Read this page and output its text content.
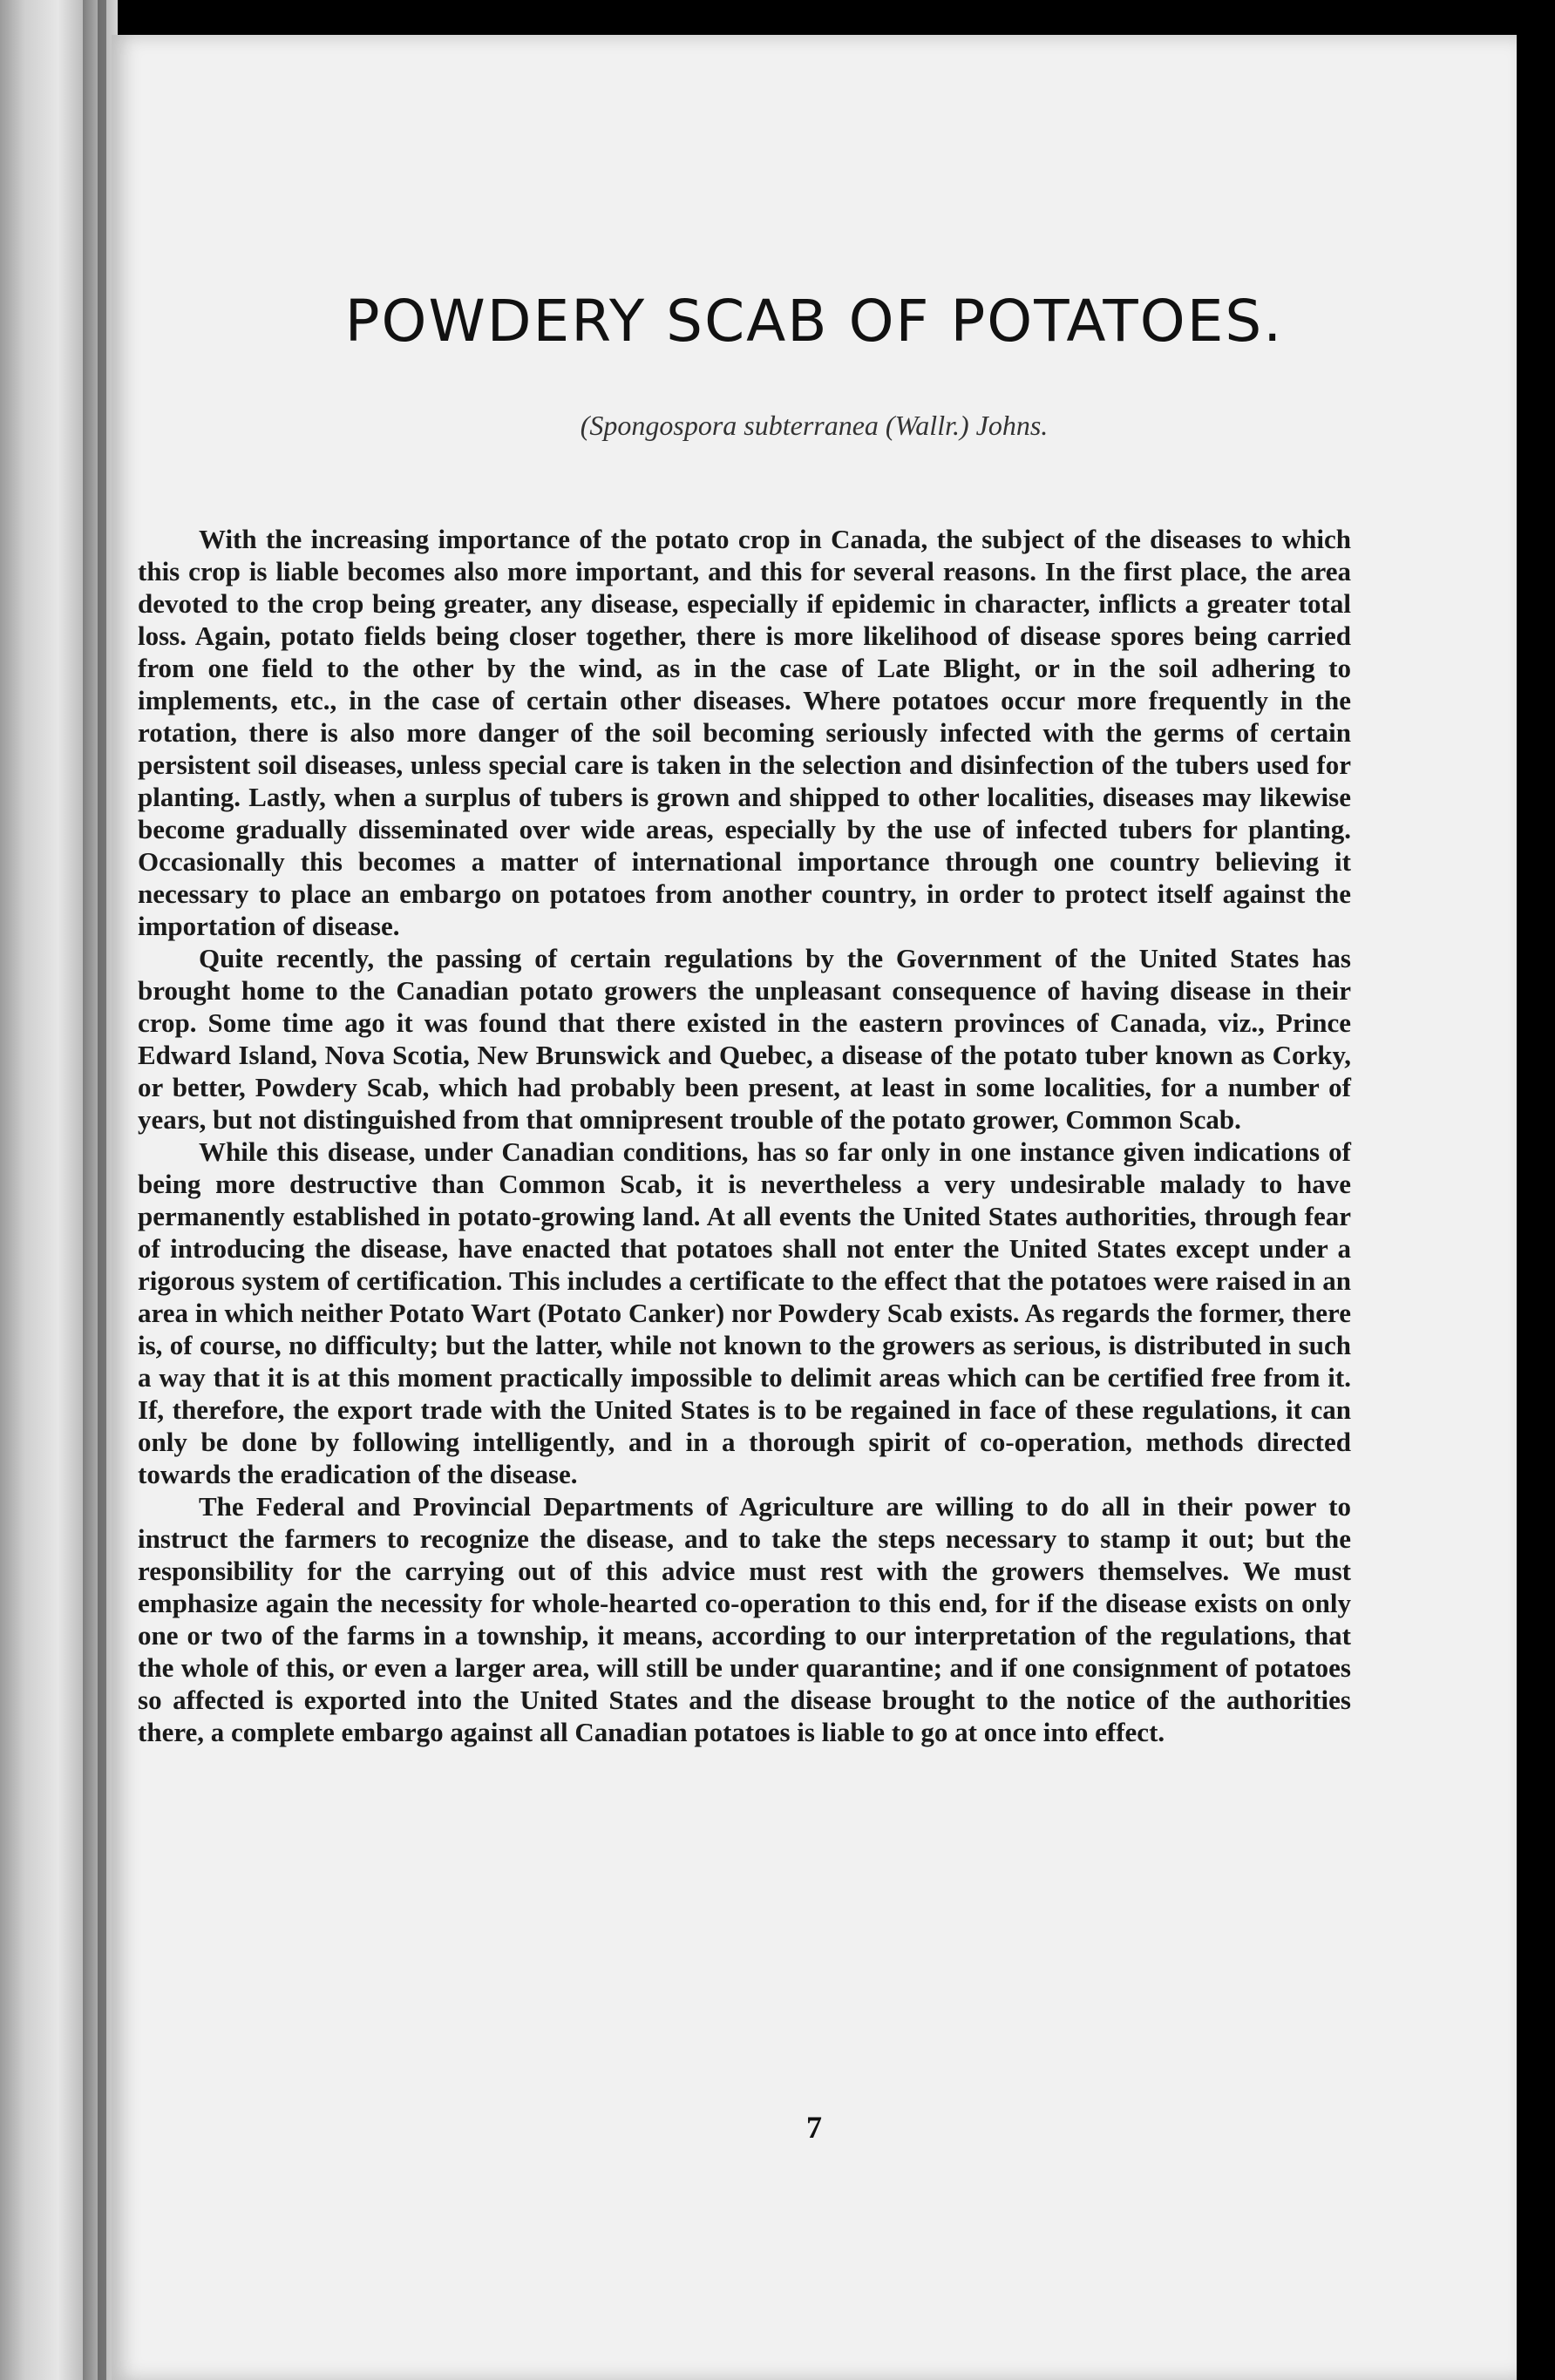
POWDERY SCAB OF POTATOES.

(Spongospora subterranea (Wallr.) Johns.

With the increasing importance of the potato crop in Canada, the subject of the diseases to which this crop is liable becomes also more important, and this for several reasons. In the first place, the area devoted to the crop being greater, any disease, especially if epidemic in character, inflicts a greater total loss. Again, potato fields being closer together, there is more likelihood of disease spores being carried from one field to the other by the wind, as in the case of Late Blight, or in the soil adhering to implements, etc., in the case of certain other diseases. Where potatoes occur more frequently in the rotation, there is also more danger of the soil becoming seriously infected with the germs of certain persistent soil diseases, unless special care is taken in the selection and disinfection of the tubers used for planting. Lastly, when a surplus of tubers is grown and shipped to other localities, diseases may likewise become gradually disseminated over wide areas, especially by the use of infected tubers for planting. Occasionally this becomes a matter of international importance through one country believing it necessary to place an embargo on potatoes from another country, in order to protect itself against the importation of disease.

Quite recently, the passing of certain regulations by the Government of the United States has brought home to the Canadian potato growers the unpleasant consequence of having disease in their crop. Some time ago it was found that there existed in the eastern provinces of Canada, viz., Prince Edward Island, Nova Scotia, New Brunswick and Quebec, a disease of the potato tuber known as Corky, or better, Powdery Scab, which had probably been present, at least in some localities, for a number of years, but not distinguished from that omnipresent trouble of the potato grower, Common Scab.

While this disease, under Canadian conditions, has so far only in one instance given indications of being more destructive than Common Scab, it is nevertheless a very undesirable malady to have permanently established in potato-growing land. At all events the United States authorities, through fear of introducing the disease, have enacted that potatoes shall not enter the United States except under a rigorous system of certification. This includes a certificate to the effect that the potatoes were raised in an area in which neither Potato Wart (Potato Canker) nor Powdery Scab exists. As regards the former, there is, of course, no difficulty; but the latter, while not known to the growers as serious, is distributed in such a way that it is at this moment practically impossible to delimit areas which can be certified free from it. If, therefore, the export trade with the United States is to be regained in face of these regulations, it can only be done by following intelligently, and in a thorough spirit of co-operation, methods directed towards the eradication of the disease.

The Federal and Provincial Departments of Agriculture are willing to do all in their power to instruct the farmers to recognize the disease, and to take the steps necessary to stamp it out; but the responsibility for the carrying out of this advice must rest with the growers themselves. We must emphasize again the necessity for whole-hearted co-operation to this end, for if the disease exists on only one or two of the farms in a township, it means, according to our interpretation of the regulations, that the whole of this, or even a larger area, will still be under quarantine; and if one consignment of potatoes so affected is exported into the United States and the disease brought to the notice of the authorities there, a complete embargo against all Canadian potatoes is liable to go at once into effect.

7
